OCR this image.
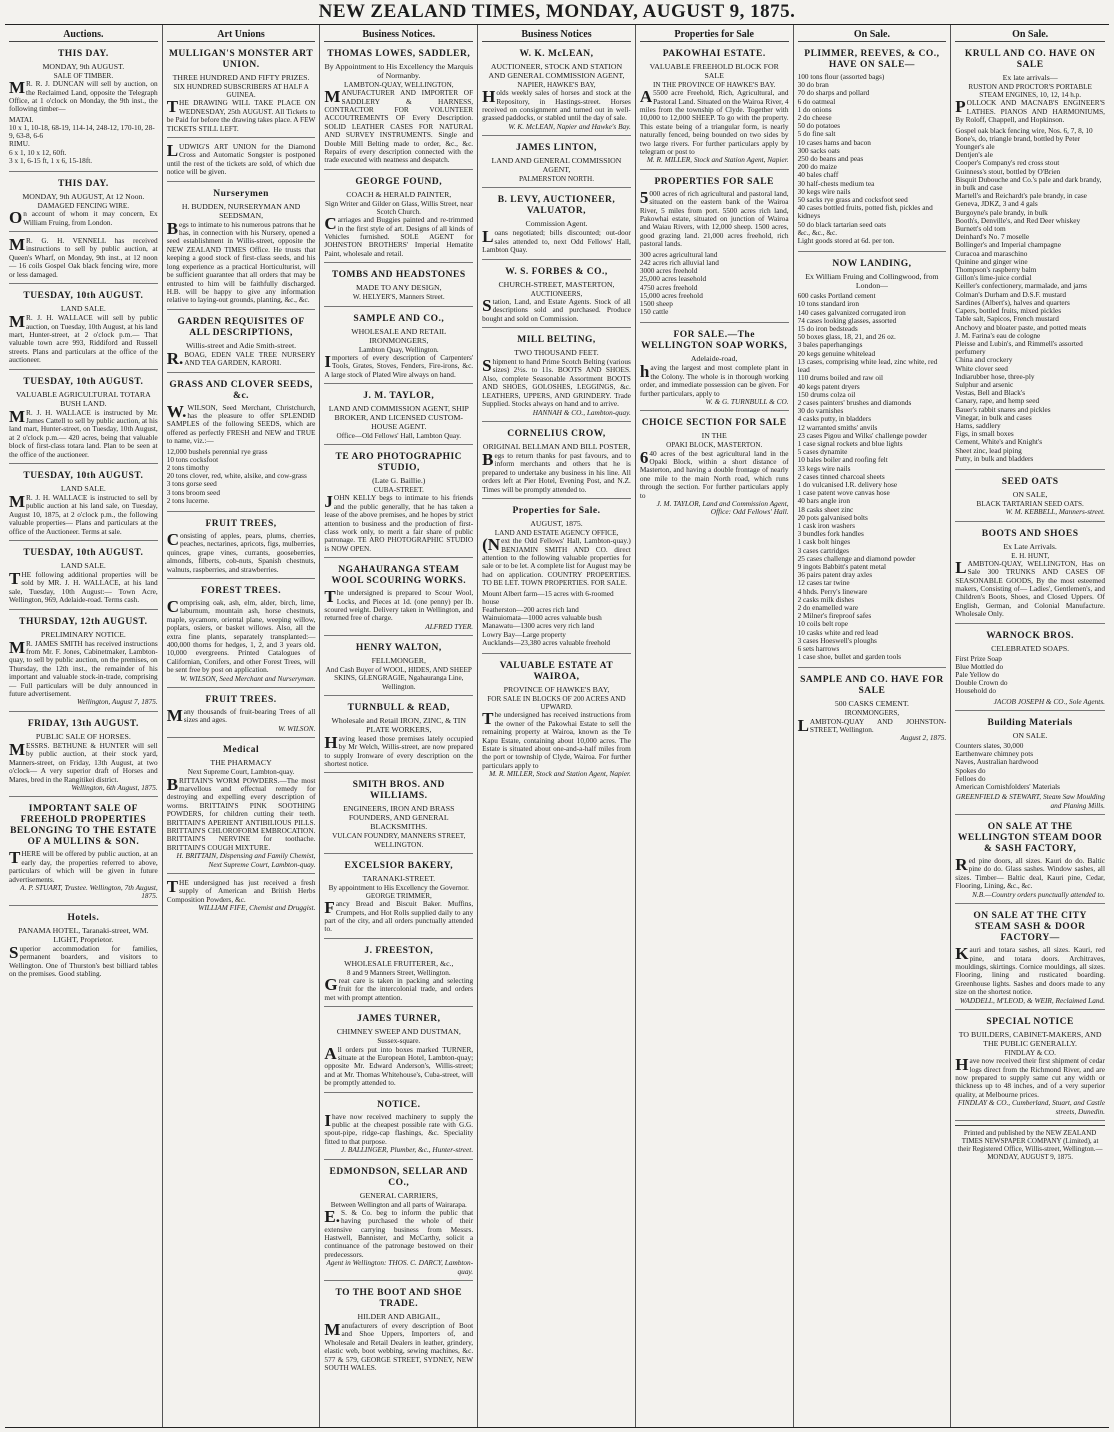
NEW ZEALAND TIMES, MONDAY, AUGUST 9, 1875.
Auctions.
THIS DAY.
MONDAY, 9th AUGUST.
SALE OF TIMBER.
MR. R. J. DUNCAN will sell by auction, on the Reclaimed Land, opposite the Telegraph Office, at 1 o'clock on Monday, the 9th inst., the following timber—
MATAI.
10 x 1, 10-18, 68-19, 114-14, 248-12, 170-10, 28-9, 63-8, 6-6
RIMU.
6 x 1, 10 x 12, 60ft.
3 x 1, 6-15 ft, 1 x 6, 15-18ft.
THIS DAY.
MONDAY, 9th AUGUST, At 12 Noon.
DAMAGED FENCING WIRE.
On account of whom it may concern, Ex William Fruing, from London.
MR. G. H. VENNELL has received instructions to sell by public auction, at Queen's Wharf, on Monday, 9th inst., at 12 noon— 16 coils Gospel Oak black fencing wire, more or less damaged.
TUESDAY, 10th AUGUST.
LAND SALE.
MR. J. H. WALLACE will sell by public auction, on Tuesday, 10th August, at his land mart, Hunter-street, at 2 o'clock p.m.— That valuable town acre 993, Riddiford and Russell streets. Plans and particulars at the office of the auctioneer.
TUESDAY, 10th AUGUST.
VALUABLE AGRICULTURAL TOTARA BUSH LAND.
MR. J. H. WALLACE is instructed by Mr. James Cattell to sell by public auction, at his land mart, Hunter-street, on Tuesday, 10th August, at 2 o'clock p.m.— 420 acres, being that valuable block of first-class totara land. Plan to be seen at the office of the auctioneer.
TUESDAY, 10th AUGUST.
LAND SALE.
MR. J. H. WALLACE is instructed to sell by public auction at his land sale, on Tuesday, August 10, 1875, at 2 o'clock p.m., the following valuable properties— Plans and particulars at the office of the Auctioneer. Terms at sale.
TUESDAY, 10th AUGUST.
LAND SALE.
THE following additional properties will be sold by MR. J. H. WALLACE, at his land sale, Tuesday, 10th August:— Town Acre, Wellington, 969, Adelaide-road. Terms cash.
THURSDAY, 12th AUGUST.
PRELIMINARY NOTICE.
MR. JAMES SMITH has received instructions from Mr. F. Jones, Cabinetmaker, Lambton-quay, to sell by public auction, on the premises, on Thursday, the 12th inst., the remainder of his important and valuable stock-in-trade, comprising— Full particulars will be duly announced in future advertisement.
Wellington, August 7, 1875.
FRIDAY, 13th AUGUST.
PUBLIC SALE OF HORSES.
MESSRS. BETHUNE & HUNTER will sell by public auction, at their stock yard, Manners-street, on Friday, 13th August, at two o'clock— A very superior draft of Horses and Mares, bred in the Rangitikei district.
Wellington, 6th August, 1875.
IMPORTANT SALE OF FREEHOLD PROPERTIES BELONGING TO THE ESTATE OF A MULLINS & SON.
THERE will be offered by public auction, at an early day, the properties referred to above, particulars of which will be given in future advertisements.
A. P. STUART, Trustee. Wellington, 7th August, 1875.
Hotels.
PANAMA HOTEL, Taranaki-street, WM. LIGHT, Proprietor.
Superior accommodation for families, permanent boarders, and visitors to Wellington. One of Thurston's best billiard tables on the premises. Good stabling.
Art Unions
MULLIGAN'S MONSTER ART UNION.
THREE HUNDRED AND FIFTY PRIZES.
SIX HUNDRED SUBSCRIBERS AT HALF A GUINEA.
THE DRAWING WILL TAKE PLACE ON WEDNESDAY, 25th AUGUST. All Tickets to be Paid for before the drawing takes place. A FEW TICKETS STILL LEFT.
LUDWIG'S ART UNION for the Diamond Cross and Automatic Songster is postponed until the rest of the tickets are sold, of which due notice will be given.
Nurserymen
H. BUDDEN, NURSERYMAN AND SEEDSMAN,
Begs to intimate to his numerous patrons that he has, in connection with his Nursery, opened a seed establishment in Willis-street, opposite the NEW ZEALAND TIMES Office. He trusts that keeping a good stock of first-class seeds, and his long experience as a practical Horticulturist, will be sufficient guarantee that all orders that may be entrusted to him will be faithfully discharged. H.B. will be happy to give any information relative to laying-out grounds, planting, &c., &c.
GARDEN REQUISITES OF ALL DESCRIPTIONS,
Willis-street and Adie Smith-street.
R.BOAG, EDEN VALE TREE NURSERY AND TEA GARDEN, KARORI.
GRASS AND CLOVER SEEDS, &c.
W.WILSON, Seed Merchant, Christchurch, has the pleasure to offer SPLENDID SAMPLES of the following SEEDS, which are offered as perfectly FRESH and NEW and TRUE to name, viz.:—
12,000 bushels perennial rye grass
10 tons cocksfoot
2 tons timothy
20 tons clover, red, white, alsike, and cow-grass
3 tons gorse seed
3 tons broom seed
2 tons lucerne.
FRUIT TREES,
Consisting of apples, pears, plums, cherries, peaches, nectarines, apricots, figs, mulberries, quinces, grape vines, currants, gooseberries, almonds, filberts, cob-nuts, Spanish chestnuts, walnuts, raspberries, and strawberries.
FOREST TREES.
Comprising oak, ash, elm, alder, birch, lime, laburnum, mountain ash, horse chestnuts, maple, sycamore, oriental plane, weeping willow, poplars, osiers, or basket willows. Also, all the extra fine plants, separately transplanted:— 400,000 thorns for hedges, 1, 2, and 3 years old. 10,000 evergreens. Printed Catalogues of Californian, Conifers, and other Forest Trees, will be sent free by post on application.
W. WILSON, Seed Merchant and Nurseryman.
FRUIT TREES.
Many thousands of fruit-bearing Trees of all sizes and ages.
W. WILSON.
Medical
THE PHARMACY
Next Supreme Court, Lambton-quay.
BRITTAIN'S WORM POWDERS.—The most marvellous and effectual remedy for destroying and expelling every description of worms. BRITTAIN'S PINK SOOTHING POWDERS, for children cutting their teeth. BRITTAIN'S APERIENT ANTIBILIOUS PILLS. BRITTAIN'S CHLOROFORM EMBROCATION. BRITTAIN'S NERVINE for toothache. BRITTAIN'S COUGH MIXTURE.
H. BRITTAIN, Dispensing and Family Chemist, Next Supreme Court, Lambton-quay.
THE undersigned has just received a fresh supply of American and British Herbs Composition Powders, &c.
WILLIAM FIFE, Chemist and Druggist.
Business Notices.
THOMAS LOWES, SADDLER,
By Appointment to His Excellency the Marquis of Normanby.
LAMBTON-QUAY, WELLINGTON,
MANUFACTURER AND IMPORTER OF SADDLERY & HARNESS, CONTRACTOR FOR VOLUNTEER ACCOUTREMENTS OF Every Description. SOLID LEATHER CASES FOR NATURAL AND SURVEY INSTRUMENTS. Single and Double Mill Belting made to order, &c., &c. Repairs of every description connected with the trade executed with neatness and despatch.
GEORGE FOUND,
COACH & HERALD PAINTER,
Sign Writer and Gilder on Glass, Willis Street, near Scotch Church.
Carriages and Buggies painted and re-trimmed in the first style of art. Designs of all kinds of Vehicles furnished. SOLE AGENT for JOHNSTON BROTHERS' Imperial Hematite Paint, wholesale and retail.
TOMBS AND HEADSTONES
MADE TO ANY DESIGN,
W. HELYER'S, Manners Street.
SAMPLE AND CO.,
WHOLESALE AND RETAIL IRONMONGERS,
Lambton Quay, Wellington.
Importers of every description of Carpenters' Tools, Grates, Stoves, Fenders, Fire-irons, &c. A large stock of Plated Wire always on hand.
J. M. TAYLOR,
LAND AND COMMISSION AGENT, SHIP BROKER, AND LICENSED CUSTOM-HOUSE AGENT.
Office—Old Fellows' Hall, Lambton Quay.
TE ARO PHOTOGRAPHIC STUDIO,
(Late G. Baillie.)
CUBA-STREET.
JOHN KELLY begs to intimate to his friends and the public generally, that he has taken a lease of the above premises, and he hopes by strict attention to business and the production of first-class work only, to merit a fair share of public patronage. TE ARO PHOTOGRAPHIC STUDIO is NOW OPEN.
NGAHAURANGA STEAM WOOL SCOURING WORKS.
The undersigned is prepared to Scour Wool, Locks, and Pieces at 1d. (one penny) per lb. scoured weight. Delivery taken in Wellington, and returned free of charge.
ALFRED TYER.
HENRY WALTON,
FELLMONGER,
And Cash Buyer of WOOL, HIDES, AND SHEEP SKINS, GLENGRAGIE, Ngahauranga Line, Wellington.
TURNBULL & READ,
Wholesale and Retail IRON, ZINC, & TIN PLATE WORKERS,
Having leased those premises lately occupied by Mr Welch, Willis-street, are now prepared to supply Ironware of every description on the shortest notice.
SMITH BROS. AND WILLIAMS.
ENGINEERS, IRON AND BRASS FOUNDERS, AND GENERAL BLACKSMITHS.
VULCAN FOUNDRY, MANNERS STREET, WELLINGTON.
EXCELSIOR BAKERY,
TARANAKI-STREET.
By appointment to His Excellency the Governor. GEORGE TRIMMER,
Fancy Bread and Biscuit Baker. Muffins, Crumpets, and Hot Rolls supplied daily to any part of the city, and all orders punctually attended to.
J. FREESTON,
WHOLESALE FRUITERER, &c.,
8 and 9 Manners Street, Wellington.
Great care is taken in packing and selecting fruit for the intercolonial trade, and orders met with prompt attention.
JAMES TURNER,
CHIMNEY SWEEP AND DUSTMAN,
Sussex-square.
All orders put into boxes marked TURNER, situate at the European Hotel, Lambton-quay; opposite Mr. Edward Anderson's, Willis-street; and at Mr. Thomas Whitehouse's, Cuba-street, will be promptly attended to.
NOTICE.
Ihave now received machinery to supply the public at the cheapest possible rate with G.G. spout-pipe, ridge-cap flashings, &c. Speciality fitted to that purpose.
J. BALLINGER, Plumber, &c., Hunter-street.
EDMONDSON, SELLAR AND CO.,
GENERAL CARRIERS,
Between Wellington and all parts of Wairarapa.
E.S. & Co. beg to inform the public that having purchased the whole of their extensive carrying business from Messrs. Hastwell, Bannister, and McCarthy, solicit a continuance of the patronage bestowed on their predecessors.
Agent in Wellington: THOS. C. DARCY, Lambton-quay.
TO THE BOOT AND SHOE TRADE.
HILDER AND ABIGAIL,
Manufacturers of every description of Boot and Shoe Uppers, Importers of, and Wholesale and Retail Dealers in leather, grindery, elastic web, boot webbing, sewing machines, &c. 577 & 579, GEORGE STREET, SYDNEY, NEW SOUTH WALES.
Business Notices
W. K. McLEAN,
AUCTIONEER, STOCK AND STATION AND GENERAL COMMISSION AGENT,
NAPIER, HAWKE'S BAY,
Holds weekly sales of horses and stock at the Repository, in Hastings-street. Horses received on consignment and turned out in well-grassed paddocks, or stabled until the day of sale.
W. K. McLEAN, Napier and Hawke's Bay.
JAMES LINTON,
LAND AND GENERAL COMMISSION AGENT,
PALMERSTON NORTH.
B. LEVY, AUCTIONEER, VALUATOR,
Commission Agent.
Loans negotiated; bills discounted; out-door sales attended to, next Odd Fellows' Hall, Lambton Quay.
W. S. FORBES & CO.,
CHURCH-STREET, MASTERTON,
AUCTIONEERS,
Station, Land, and Estate Agents. Stock of all descriptions sold and purchased. Produce bought and sold on Commission.
MILL BELTING,
TWO THOUSAND FEET.
Shipment to hand Prime Scotch Belting (various sizes) 2½s. to 11s. BOOTS AND SHOES. Also, complete Seasonable Assortment BOOTS AND SHOES, GOLOSHES, LEGGINGS, &c. LEATHERS, UPPERS, AND GRINDERY. Trade Supplied. Stocks always on hand and to arrive.
HANNAH & CO., Lambton-quay.
CORNELIUS CROW,
ORIGINAL BELLMAN AND BILL POSTER,
Begs to return thanks for past favours, and to inform merchants and others that he is prepared to undertake any business in his line. All orders left at Pier Hotel, Evening Post, and N.Z. Times will be promptly attended to.
Properties for Sale.
AUGUST, 1875.
LAND AND ESTATE AGENCY OFFICE,
(Next the Odd Fellows' Hall, Lambton-quay.) BENJAMIN SMITH AND CO. direct attention to the following valuable properties for sale or to be let. A complete list for August may be had on application. COUNTRY PROPERTIES. TO BE LET. TOWN PROPERTIES. FOR SALE.
Mount Albert farm—15 acres with 6-roomed house
Featherston—200 acres rich land
Wainuiomata—1000 acres valuable bush
Manawatu—1300 acres very rich land
Lowry Bay—Large property
Aucklands—23,380 acres valuable freehold
VALUABLE ESTATE AT WAIROA,
PROVINCE OF HAWKE'S BAY,
FOR SALE IN BLOCKS OF 200 ACRES AND UPWARD.
The undersigned has received instructions from the owner of the Pakowhai Estate to sell the remaining property at Wairoa, known as the Te Kapu Estate, containing about 10,000 acres. The Estate is situated about one-and-a-half miles from the port or township of Clyde, Wairoa. For further particulars apply to
M. R. MILLER, Stock and Station Agent, Napier.
Properties for Sale
PAKOWHAI ESTATE.
VALUABLE FREEHOLD BLOCK FOR SALE
IN THE PROVINCE OF HAWKE'S BAY.
A5500 acre Freehold, Rich, Agricultural, and Pastoral Land. Situated on the Wairoa River, 4 miles from the township of Clyde. Together with 10,000 to 12,000 SHEEP. To go with the property. This estate being of a triangular form, is nearly naturally fenced, being bounded on two sides by two large rivers. For further particulars apply by telegram or post to
M. R. MILLER, Stock and Station Agent, Napier.
PROPERTIES FOR SALE
5000 acres of rich agricultural and pastoral land, situated on the eastern bank of the Wairoa River, 5 miles from port. 5500 acres rich land, Pakowhai estate, situated on junction of Wairoa and Waiau Rivers, with 12,000 sheep. 1500 acres, good grazing land. 21,000 acres freehold, rich pastoral lands.
300 acres agricultural land
242 acres rich alluvial land
3000 acres freehold
25,000 acres leasehold
4750 acres freehold
15,000 acres freehold
1500 sheep
150 cattle
FOR SALE.—The WELLINGTON SOAP WORKS,
Adelaide-road,
having the largest and most complete plant in the Colony. The whole is in thorough working order, and immediate possession can be given. For further particulars, apply to
W. & G. TURNBULL & CO.
CHOICE SECTION FOR SALE
IN THE
OPAKI BLOCK, MASTERTON.
640 acres of the best agricultural land in the Opaki Block, within a short distance of Masterton, and having a double frontage of nearly one mile to the main North road, which runs through the section. For further particulars apply to
J. M. TAYLOR, Land and Commission Agent, Office: Odd Fellows' Hall.
On Sale.
PLIMMER, REEVES, & CO., HAVE ON SALE—
100 tons flour (assorted bags)
30 do bran
70 do sharps and pollard
6 do oatmeal
1 do onions
2 do cheese
50 do potatoes
5 do fine salt
10 cases hams and bacon
300 sacks oats
250 do beans and peas
200 do maize
40 bales chaff
30 half-chests medium tea
30 kegs wire nails
50 sacks rye grass and cocksfoot seed
40 cases bottled fruits, potted fish, pickles and kidneys
50 do black tartarian seed oats
&c., &c., &c.
Light goods stored at 6d. per ton.
NOW LANDING,
Ex William Fruing and Collingwood, from London—
600 casks Portland cement
10 tons standard iron
140 cases galvanized corrugated iron
74 cases looking glasses, assorted
15 do iron bedsteads
50 boxes glass, 18, 21, and 26 oz.
3 bales paperhangings
20 kegs genuine whitelead
13 cases, comprising white lead, zinc white, red lead
110 drums boiled and raw oil
40 kegs patent dryers
150 drums colza oil
2 cases painters' brushes and diamonds
30 do varnishes
4 casks putty, in bladders
12 warranted smiths' anvils
23 cases Pigou and Wilks' challenge powder
1 case signal rockets and blue lights
5 cases dynamite
10 bales boiler and roofing felt
33 kegs wire nails
2 cases tinned charcoal sheets
1 do vulcanised I.R. delivery hose
1 case patent wove canvas hose
40 bars angle iron
18 casks sheet zinc
20 pots galvanised bolts
1 cask iron washers
3 bundles fork handles
1 cask bolt hinges
3 cases cartridges
25 cases challenge and diamond powder
9 ingots Babbitt's patent metal
36 pairs patent dray axles
12 cases tar twine
4 hhds. Perry's lineware
2 casks milk dishes
2 do enamelled ware
2 Milner's fireproof safes
10 coils belt rope
10 casks white and red lead
3 cases Hoeswell's ploughs
6 sets harrows
1 case shoe, bullet and garden tools
SAMPLE AND CO. HAVE FOR SALE
500 CASKS CEMENT.
IRONMONGERS,
LAMBTON-QUAY AND JOHNSTON-STREET, Wellington.
August 2, 1875.
On Sale.
KRULL AND CO. HAVE ON SALE
Ex late arrivals—
RUSTON AND PROCTOR'S PORTABLE STEAM ENGINES, 10, 12, 14 h.p.
POLLOCK AND MACNAB'S ENGINEER'S LATHES. PIANOS AND HARMONIUMS, By Roloff, Chappell, and Hopkinson.
Gospel oak black fencing wire, Nos. 6, 7, 8, 10
Bone's, do, triangle brand, bottled by Peter Younger's ale
Dentjen's ale
Cooper's Company's red cross stout
Guinness's stout, bottled by O'Brien
Bisquit Dubouche and Co.'s pale and dark brandy, in bulk and case
Martell's and Reichardt's pale brandy, in case
Geneva, JDKZ, 3 and 4 gals
Burgoyne's pale brandy, in bulk
Booth's, Denville's, and Red Deer whiskey
Burnett's old tom
Deinhard's No. 7 moselle
Bollinger's and Imperial champagne
Curacoa and maraschino
Quinine and ginger wine
Thompson's raspberry balm
Gillon's lime-juice cordial
Keiller's confectionery, marmalade, and jams
Colman's Durham and D.S.F. mustard
Sardines (Albert's), halves and quarters
Capers, bottled fruits, mixed pickles
Table salt, Sapicos, French mustard
Anchovy and bloater paste, and potted meats
J. M. Farina's eau de cologne
Pleisse and Lubin's, and Rimmell's assorted perfumery
China and crockery
White clover seed
Indiarubber hose, three-ply
Sulphur and arsenic
Vestas, Bell and Black's
Canary, rape, and hemp seed
Bauer's rabbit snares and pickles
Vinegar, in bulk and cases
Hams, saddlery
Figs, in small boxes
Cement, White's and Knight's
Sheet zinc, lead piping
Putty, in bulk and bladders
SEED OATS
ON SALE,
BLACK TARTARIAN SEED OATS.
W. M. KEBBELL, Manners-street.
BOOTS AND SHOES
Ex Late Arrivals.
E. H. HUNT,
LAMBTON-QUAY, WELLINGTON, Has on Sale 300 TRUNKS AND CASES OF SEASONABLE GOODS, By the most esteemed makers, Consisting of— Ladies', Gentlemen's, and Children's Boots, Shoes, and Closed Uppers. Of English, German, and Colonial Manufacture. Wholesale Only.
WARNOCK BROS.
CELEBRATED SOAPS.
First Prize Soap
Blue Mottled do
Pale Yellow do
Double Crown do
Household do
JACOB JOSEPH & CO., Sole Agents.
Building Materials
ON SALE.
Counters slates, 30,000
Earthenware chimney pots
Naves, Australian hardwood
Spokes do
Felloes do
American Cornishfolders' Materials
GREENFIELD & STEWART, Steam Saw Moulding and Planing Mills.
ON SALE AT THE WELLINGTON STEAM DOOR & SASH FACTORY,
Red pine doors, all sizes. Kauri do do. Baltic pine do do. Glass sashes. Window sashes, all sizes. Timber— Baltic deal, Kauri pine, Cedar, Flooring, Lining, &c., &c.
N.B.—Country orders punctually attended to.
ON SALE AT THE CITY STEAM SASH & DOOR FACTORY—
Kauri and totara sashes, all sizes. Kauri, red pine, and totara doors. Architraves, mouldings, skirtings. Cornice mouldings, all sizes. Flooring, lining and rusticated boarding. Greenhouse lights. Sashes and doors made to any size on the shortest notice.
WADDELL, M'LEOD, & WEIR, Reclaimed Land.
SPECIAL NOTICE
TO BUILDERS, CABINET-MAKERS, AND THE PUBLIC GENERALLY.
FINDLAY & CO.
Have now received their first shipment of cedar logs direct from the Richmond River, and are now prepared to supply same cut any width or thickness up to 48 inches, and of a very superior quality, at Melbourne prices.
FINDLAY & CO., Cumberland, Stuart, and Castle streets, Dunedin.
Printed and published by the NEW ZEALAND TIMES NEWSPAPER COMPANY (Limited), at their Registered Office, Willis-street, Wellington.—MONDAY, AUGUST 9, 1875.
